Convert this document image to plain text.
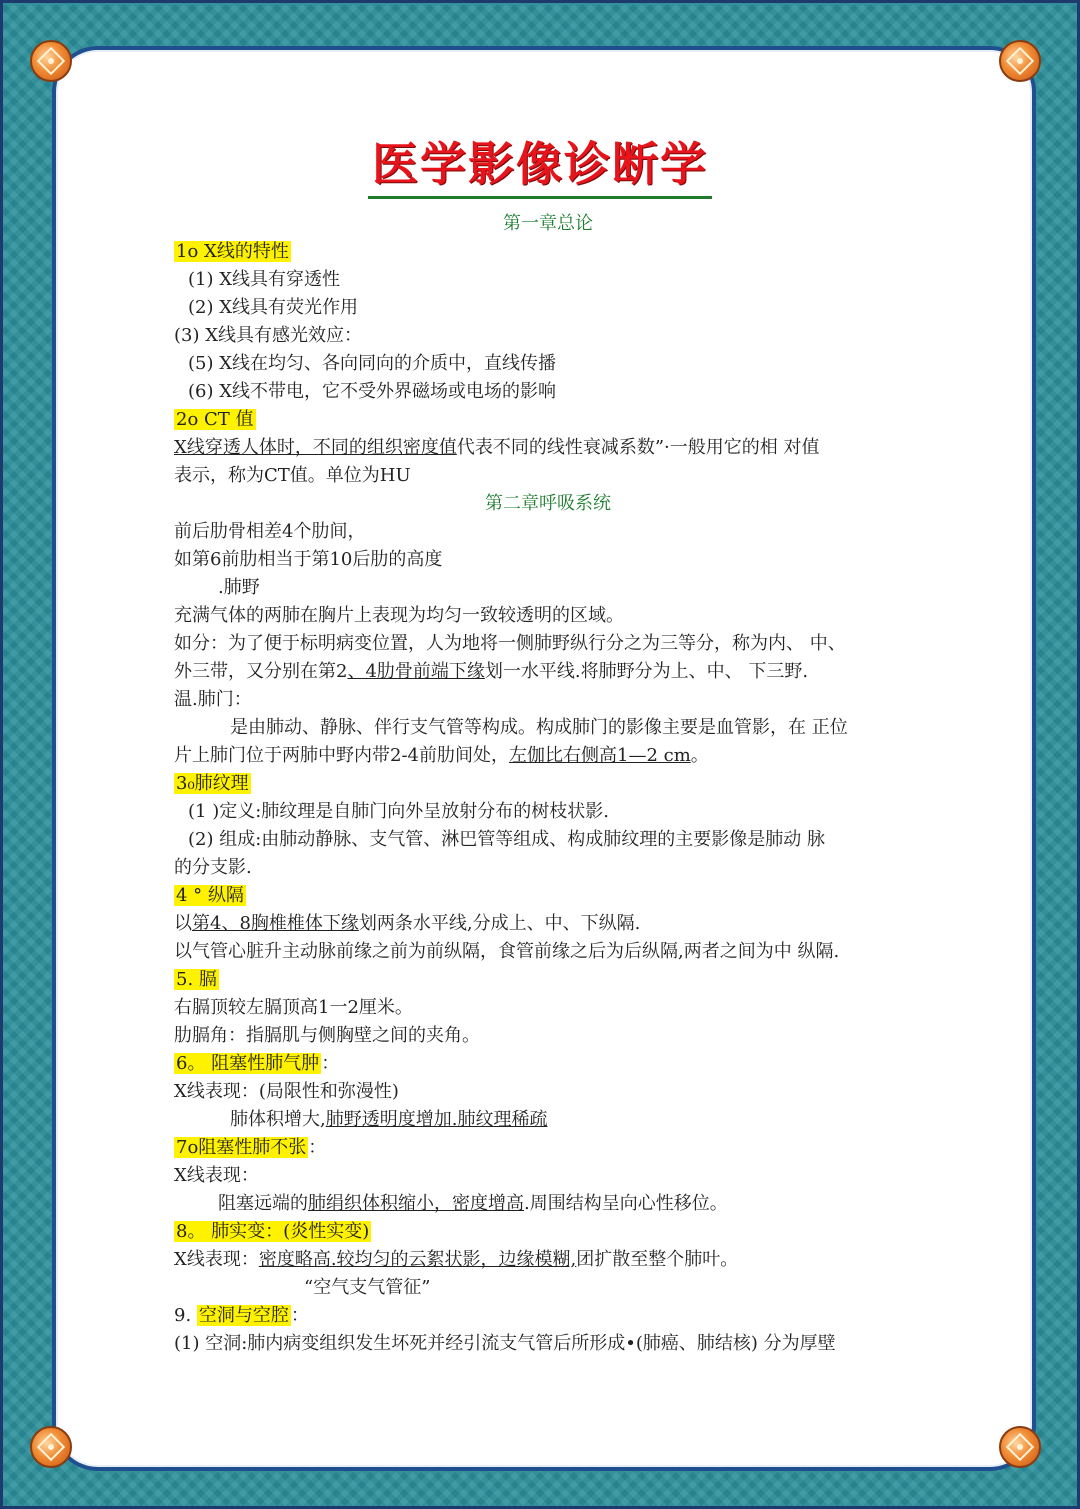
医学影像诊断学
第一章总论
1o X线的特性
(1) X线具有穿透性
(2) X线具有荧光作用
(3) X线具有感光效应：
(5) X线在均匀、各向同向的介质中，直线传播
(6) X线不带电，它不受外界磁场或电场的影响
2o CT 值
X线穿透人体时，不同的组织密度值代表不同的线性衰减系数”·一般用它的相 对值
表示，称为CT值。单位为HU
第二章呼吸系统
前后肋骨相差4个肋间，
如第6前肋相当于第10后肋的高度
.肺野
充满气体的两肺在胸片上表现为均匀一致较透明的区域。
如分：为了便于标明病变位置，人为地将一侧肺野纵行分之为三等分，称为内、 中、
外三带，又分别在第2、4肋骨前端下缘划一水平线.将肺野分为上、中、 下三野.
温.肺门：
是由肺动、静脉、伴行支气管等构成。构成肺门的影像主要是血管影，在 正位
片上肺门位于两肺中野内带2-4前肋间处，左伽比右侧高1—2 cm。
3₀肺纹理
(1 )定义:肺纹理是自肺门向外呈放射分布的树枝状影.
(2) 组成:由肺动静脉、支气管、淋巴管等组成、构成肺纹理的主要影像是肺动 脉
的分支影.
4 ° 纵隔
以第4、8胸椎椎体下缘划两条水平线,分成上、中、下纵隔.
以气管心脏升主动脉前缘之前为前纵隔，食管前缘之后为后纵隔,两者之间为中 纵隔.
5. 膈
右膈顶较左膈顶高1一2厘米。
肋膈角：指膈肌与侧胸壁之间的夹角。
6。 阻塞性肺气肿 ：
X线表现：(局限性和弥漫性)
肺体积增大,肺野透明度增加.肺纹理稀疏
7o阻塞性肺不张 ：
X线表现：
阻塞远端的肺绢织体积缩小，密度增高.周围结构呈向心性移位。
8。 肺实变：(炎性实变)
X线表现：密度略高.较均匀的云絮状影，边缘模糊,团扩散至整个肺叶。
“空气支气管征”
9. 空洞与空腔 ：
(1) 空洞:肺内病变组织发生坏死并经引流支气管后所形成•(肺癌、肺结核) 分为厚壁
